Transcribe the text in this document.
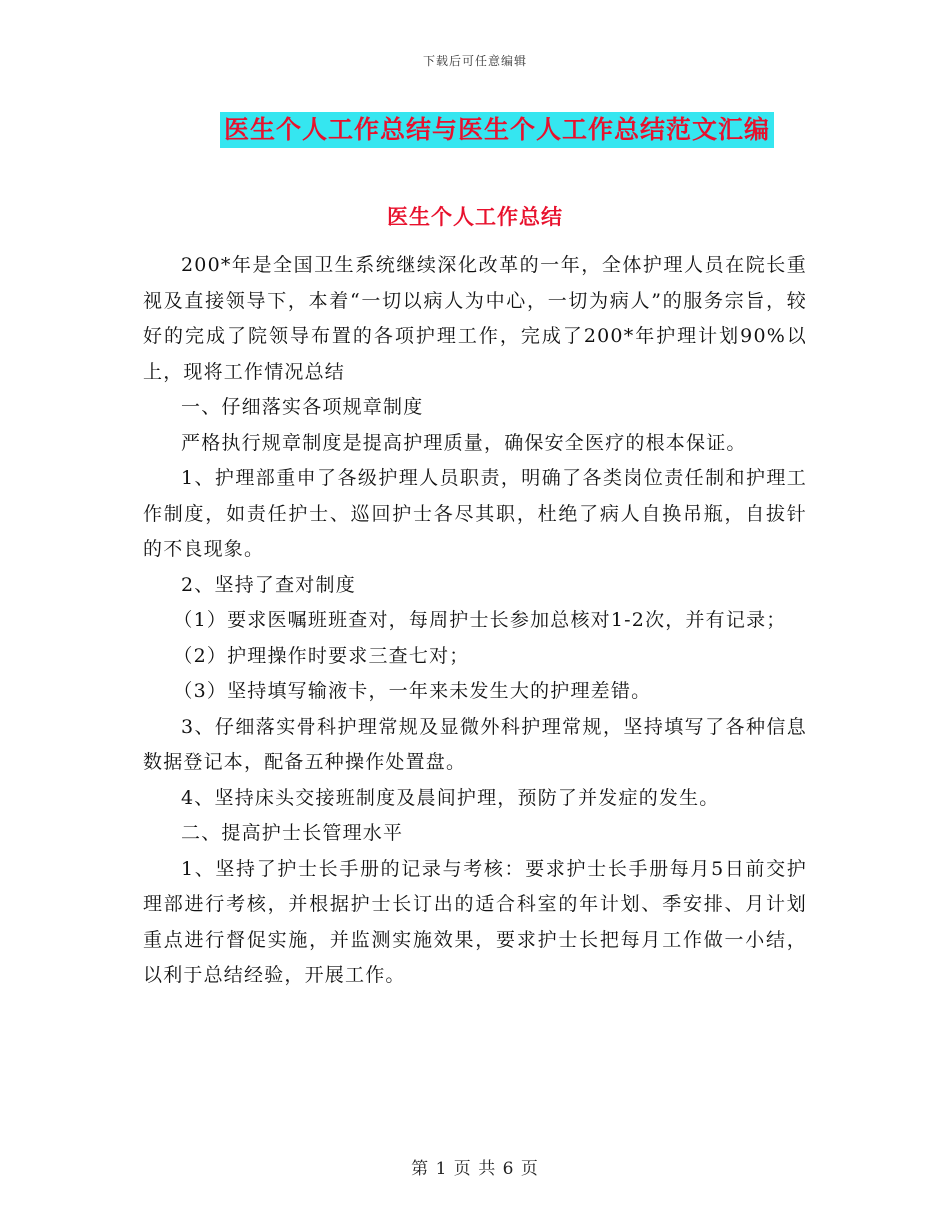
下载后可任意编辑
医生个人工作总结与医生个人工作总结范文汇编
医生个人工作总结

200*年是全国卫生系统继续深化改革的一年，全体护理人员在院长重视及直接领导下，本着“一切以病人为中心，一切为病人”的服务宗旨，较好的完成了院领导布置的各项护理工作，完成了200*年护理计划90%以上，现将工作情况总结

一、仔细落实各项规章制度

严格执行规章制度是提高护理质量，确保安全医疗的根本保证。

1、护理部重申了各级护理人员职责，明确了各类岗位责任制和护理工作制度，如责任护士、巡回护士各尽其职，杜绝了病人自换吊瓶，自拔针的不良现象。

2、坚持了查对制度

（1）要求医嘱班班查对，每周护士长参加总核对1-2次，并有记录；

（2）护理操作时要求三查七对；

（3）坚持填写输液卡，一年来未发生大的护理差错。

3、仔细落实骨科护理常规及显微外科护理常规，坚持填写了各种信息数据登记本，配备五种操作处置盘。

4、坚持床头交接班制度及晨间护理，预防了并发症的发生。

二、提高护士长管理水平

1、坚持了护士长手册的记录与考核：要求护士长手册每月5日前交护理部进行考核，并根据护士长订出的适合科室的年计划、季安排、月计划重点进行督促实施，并监测实施效果，要求护士长把每月工作做一小结，以利于总结经验，开展工作。

第 1 页 共 6 页
